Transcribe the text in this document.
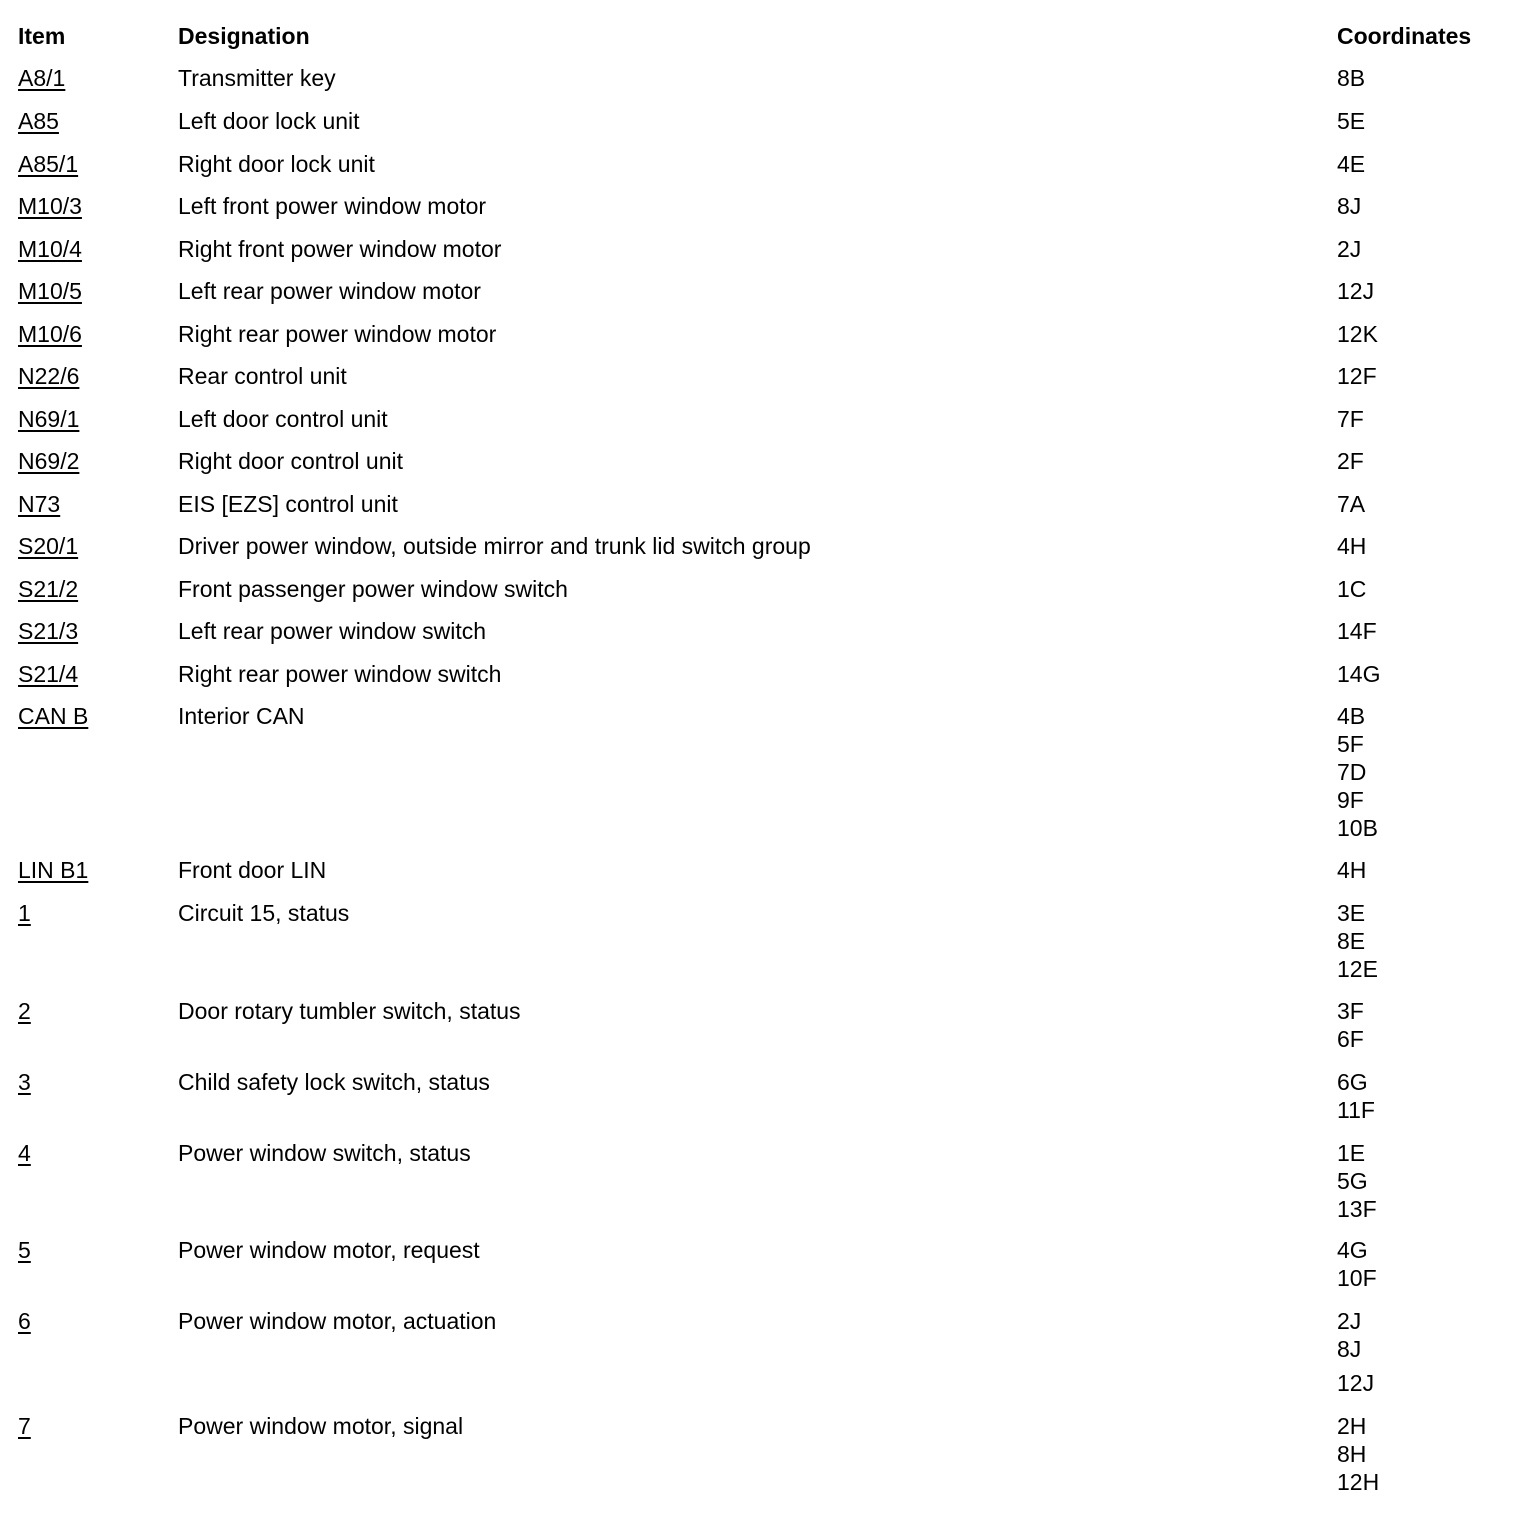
Item	Designation	Coordinates
A8/1	Transmitter key	8B
A85	Left door lock unit	5E
A85/1	Right door lock unit	4E
M10/3	Left front power window motor	8J
M10/4	Right front power window motor	2J
M10/5	Left rear power window motor	12J
M10/6	Right rear power window motor	12K
N22/6	Rear control unit	12F
N69/1	Left door control unit	7F
N69/2	Right door control unit	2F
N73	EIS [EZS] control unit	7A
S20/1	Driver power window, outside mirror and trunk lid switch group	4H
S21/2	Front passenger power window switch	1C
S21/3	Left rear power window switch	14F
S21/4	Right rear power window switch	14G
CAN B	Interior CAN	4B
5F
7D
9F
10B
LIN B1	Front door LIN	4H
1	Circuit 15, status	3E
8E
12E
2	Door rotary tumbler switch, status	3F
6F
3	Child safety lock switch, status	6G
11F
4	Power window switch, status	1E
5G
13F
5	Power window motor, request	4G
10F
6	Power window motor, actuation	2J
8J
12J
7	Power window motor, signal	2H
8H
12H
